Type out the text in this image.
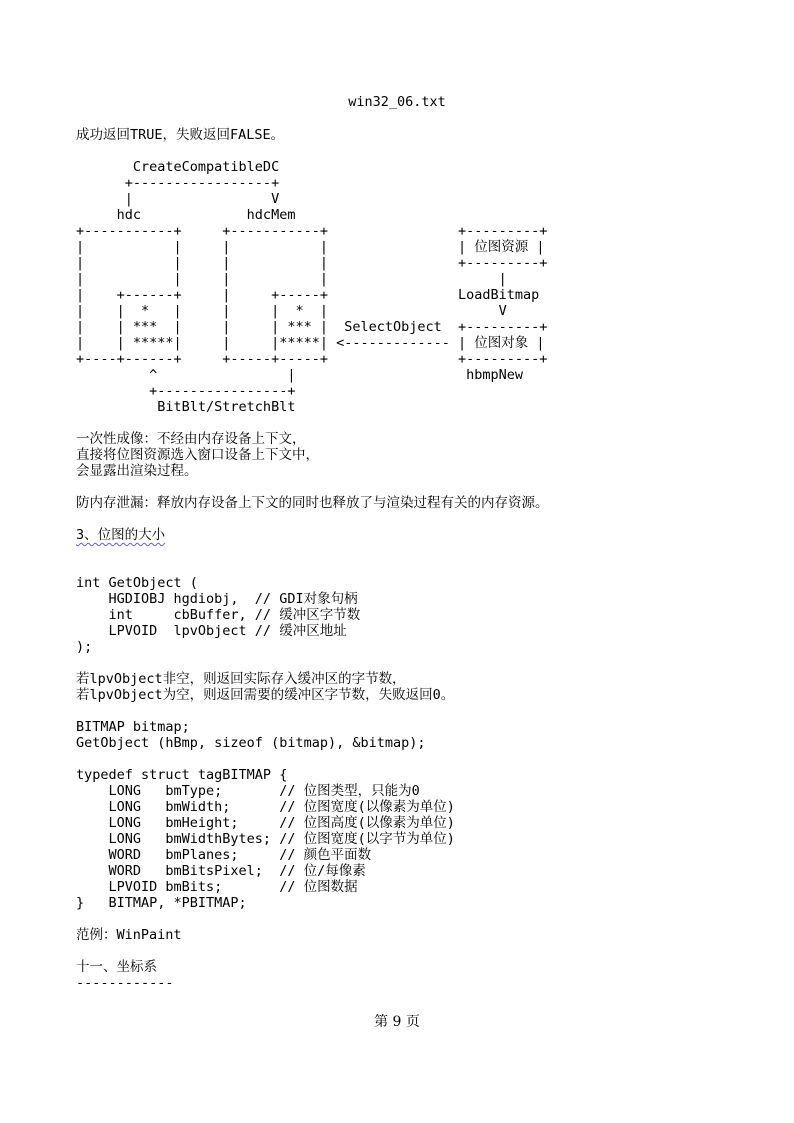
win32_06.txt
成功返回TRUE，失败返回FALSE。
CreateCompatibleDC
+-----------------+
|                 V
hdc             hdcMem
+-----------+     +-----------+                +---------+
|           |     |           |                | 位图资源 |
|           |     |           |                +---------+
|           |     |           |                     |
|    +------+     |     +-----+                LoadBitmap
|    |  *   |     |     |  *  |                     V
|    | ***  |     |     | *** |  SelectObject  +---------+
|    | *****|     |     |*****| <------------- | 位图对象 |
+----+------+     +-----+-----+                +---------+
^                |                     hbmpNew
+----------------+
BitBlt/StretchBlt
一次性成像：不经由内存设备上下文，
直接将位图资源选入窗口设备上下文中，
会显露出渲染过程。
防内存泄漏：释放内存设备上下文的同时也释放了与渲染过程有关的内存资源。
3、位图的大小
int GetObject (
HGDIOBJ hgdiobj,  // GDI对象句柄
int     cbBuffer, // 缓冲区字节数
LPVOID  lpvObject // 缓冲区地址
);
若lpvObject非空，则返回实际存入缓冲区的字节数，
若lpvObject为空，则返回需要的缓冲区字节数，失败返回0。
BITMAP bitmap;
GetObject (hBmp, sizeof (bitmap), &bitmap);
typedef struct tagBITMAP {
LONG   bmType;       // 位图类型，只能为0
LONG   bmWidth;      // 位图宽度(以像素为单位)
LONG   bmHeight;     // 位图高度(以像素为单位)
LONG   bmWidthBytes; // 位图宽度(以字节为单位)
WORD   bmPlanes;     // 颜色平面数
WORD   bmBitsPixel;  // 位/每像素
LPVOID bmBits;       // 位图数据
}   BITMAP, *PBITMAP;
范例：WinPaint
十一、坐标系
------------
第 9 页
